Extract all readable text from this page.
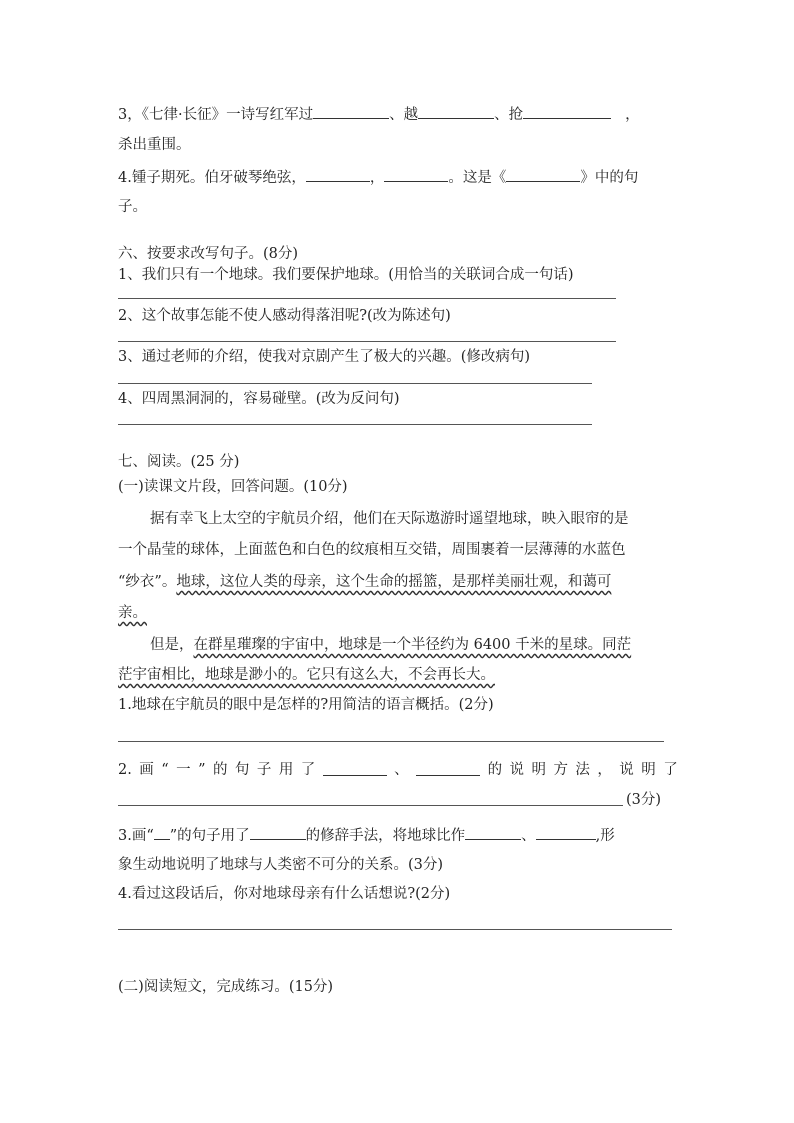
3，《七律·长征》一诗写红军过	、越	、抢	，
杀出重围。
4.锺子期死。伯牙破琴绝弦，	，	。这是《	》中的句
子。
六、按要求改写句子。(8分)
1、我们只有一个地球。我们要保护地球。(用恰当的关联词合成一句话)
2、这个故事怎能不使人感动得落泪呢?(改为陈述句)
3、通过老师的介绍，使我对京剧产生了极大的兴趣。(修改病句)
4、四周黑洞洞的，容易碰壁。(改为反问句)
七、阅读。(25 分)
(一)读课文片段，回答问题。(10分)
据有幸飞上太空的宇航员介绍，他们在天际遨游时遥望地球，映入眼帘的是
一个晶莹的球体，上面蓝色和白色的纹痕相互交错，周围裹着一层薄薄的水蓝色
“纱衣”。地球，这位人类的母亲，这个生命的摇篮，是那样美丽壮观，和蔼可
亲。
但是，在群星璀璨的宇宙中，地球是一个半径约为 6400 千米的星球。同茫
茫宇宙相比，地球是渺小的。它只有这么大，不会再长大。
1.地球在宇航员的眼中是怎样的?用简洁的语言概括。(2分)
2. 画 “ 一 ” 的 句 子 用 了	、	的 说 明 方 法 ， 说 明 了
(3分)
3.画“ ”的句子用了	的修辞手法，将地球比作	、	,形
象生动地说明了地球与人类密不可分的关系。(3分)
4.看过这段话后，你对地球母亲有什么话想说?(2分)
(二)阅读短文，完成练习。(15分)
